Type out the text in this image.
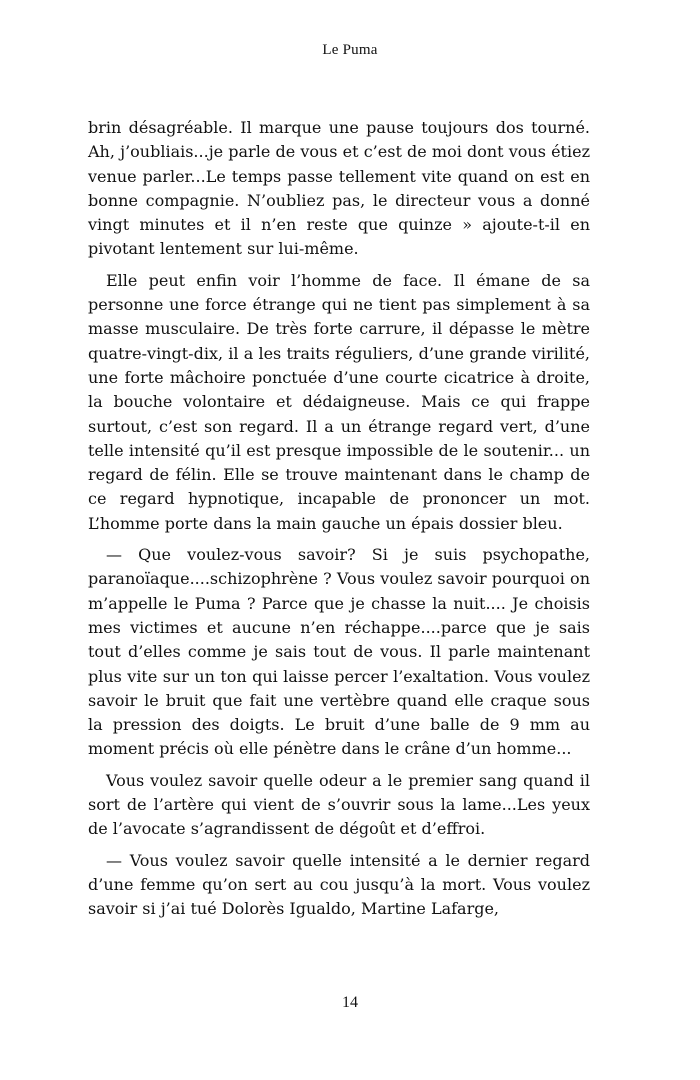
Le Puma

brin désagréable. Il marque une pause toujours dos tourné. Ah, j’oubliais...je parle de vous et c’est de moi dont vous étiez venue parler...Le temps passe tellement vite quand on est en bonne compagnie. N’oubliez pas, le directeur vous a donné vingt minutes et il n’en reste que quinze » ajoute-t-il en pivotant lentement sur lui-même.

Elle peut enfin voir l’homme de face. Il émane de sa personne une force étrange qui ne tient pas simplement à sa masse musculaire. De très forte carrure, il dépasse le mètre quatre-vingt-dix, il a les traits réguliers, d’une grande virilité, une forte mâchoire ponctuée d’une courte cicatrice à droite, la bouche volontaire et dédaigneuse. Mais ce qui frappe surtout, c’est son regard. Il a un étrange regard vert, d’une telle intensité qu’il est presque impossible de le soutenir... un regard de félin. Elle se trouve maintenant dans le champ de ce regard hypnotique, incapable de prononcer un mot. L’homme porte dans la main gauche un épais dossier bleu.

— Que voulez-vous savoir? Si je suis psychopathe, paranoïaque....schizophrène ? Vous voulez savoir pourquoi on m’appelle le Puma ? Parce que je chasse la nuit.... Je choisis mes victimes et aucune n’en réchappe....parce que je sais tout d’elles comme je sais tout de vous. Il parle maintenant plus vite sur un ton qui laisse percer l’exaltation. Vous voulez savoir le bruit que fait une vertèbre quand elle craque sous la pression des doigts. Le bruit d’une balle de 9 mm au moment précis où elle pénètre dans le crâne d’un homme...

Vous voulez savoir quelle odeur a le premier sang quand il sort de l’artère qui vient de s’ouvrir sous la lame...Les yeux de l’avocate s’agrandissent de dégoût et d’effroi.

— Vous voulez savoir quelle intensité a le dernier regard d’une femme qu’on sert au cou jusqu’à la mort. Vous voulez savoir si j’ai tué Dolorès Igualdo, Martine Lafarge,

14
